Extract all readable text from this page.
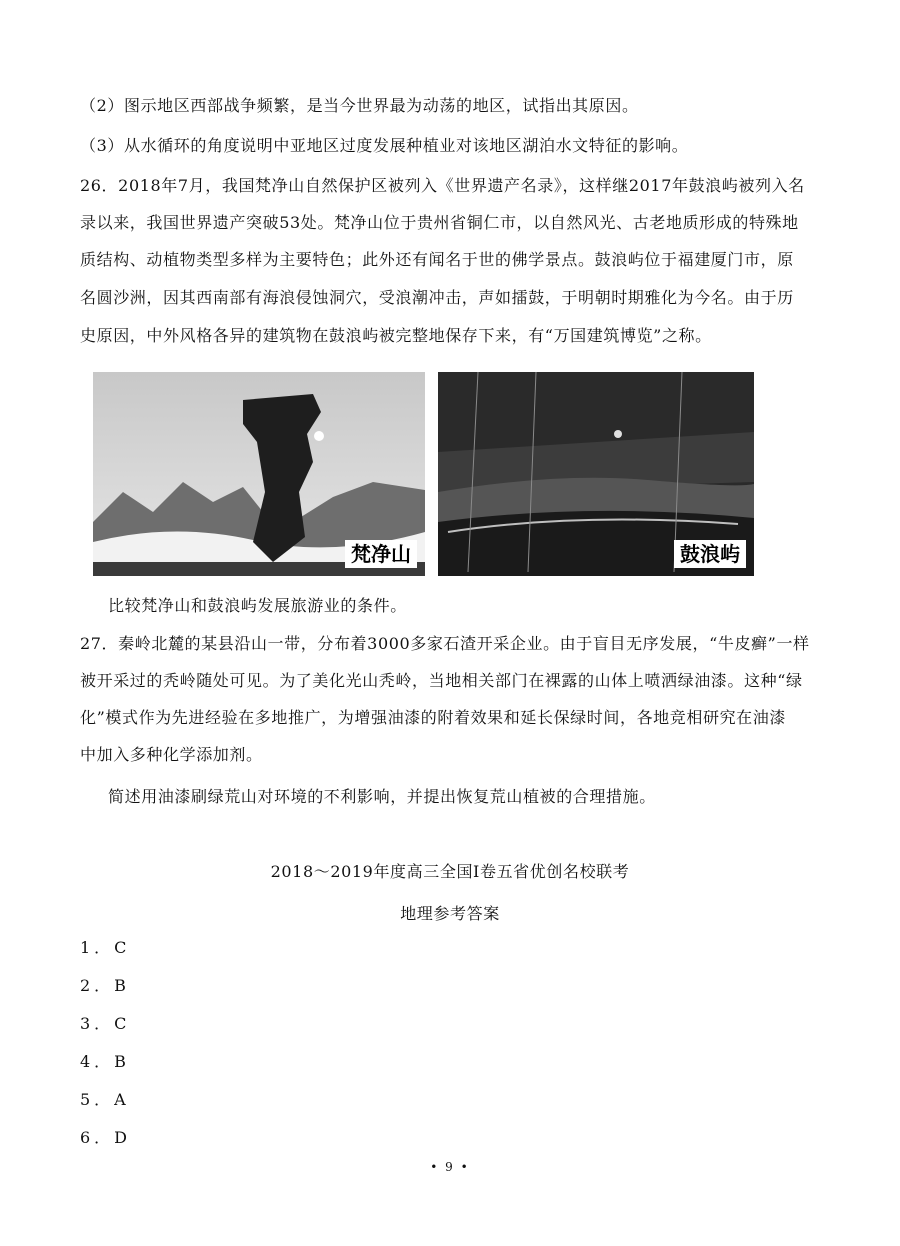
（2）图示地区西部战争频繁，是当今世界最为动荡的地区，试指出其原因。
（3）从水循环的角度说明中亚地区过度发展种植业对该地区湖泊水文特征的影响。
26．2018年7月，我国梵净山自然保护区被列入《世界遗产名录》，这样继2017年鼓浪屿被列入名
录以来，我国世界遗产突破53处。梵净山位于贵州省铜仁市，以自然风光、古老地质形成的特殊地
质结构、动植物类型多样为主要特色；此外还有闻名于世的佛学景点。鼓浪屿位于福建厦门市，原
名圆沙洲，因其西南部有海浪侵蚀洞穴，受浪潮冲击，声如擂鼓，于明朝时期雅化为今名。由于历
史原因，中外风格各异的建筑物在鼓浪屿被完整地保存下来，有“万国建筑博览”之称。
梵净山	鼓浪屿
比较梵净山和鼓浪屿发展旅游业的条件。
27．秦岭北麓的某县沿山一带，分布着3000多家石渣开采企业。由于盲目无序发展，“牛皮癣”一样
被开采过的秃岭随处可见。为了美化光山秃岭，当地相关部门在裸露的山体上喷洒绿油漆。这种“绿
化”模式作为先进经验在多地推广，为增强油漆的附着效果和延长保绿时间，各地竞相研究在油漆
中加入多种化学添加剂。
简述用油漆刷绿荒山对环境的不利影响，并提出恢复荒山植被的合理措施。
2018～2019年度高三全国Ⅰ卷五省优创名校联考
地理参考答案
1．C
2．B
3．C
4．B
5．A
6．D
• 9 •
